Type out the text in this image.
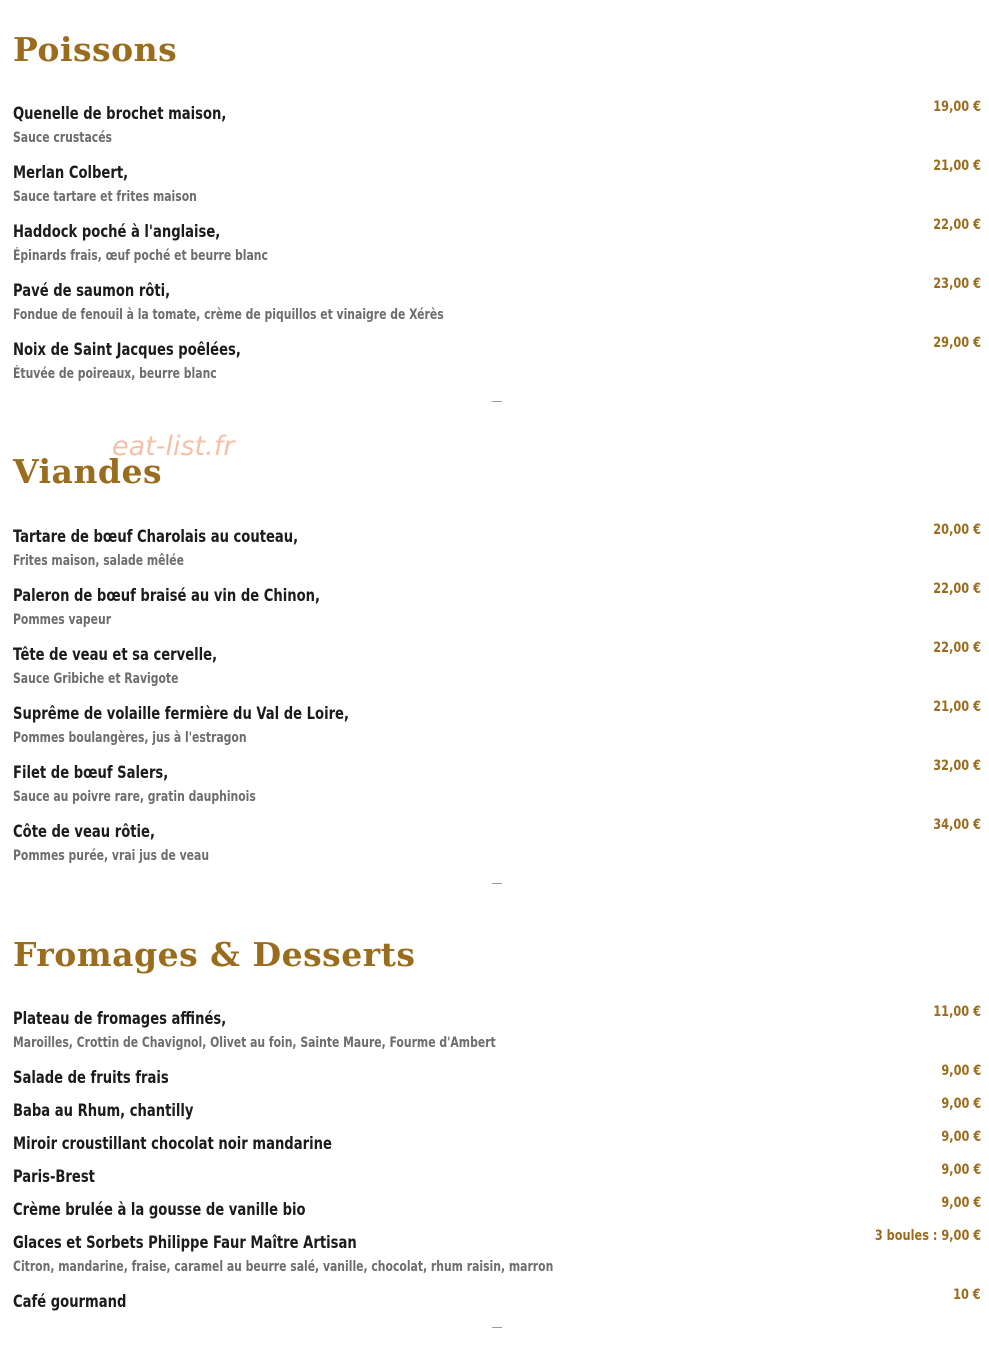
Poissons
Quenelle de brochet maison,
Sauce crustacés
19,00 €
Merlan Colbert,
Sauce tartare et frites maison
21,00 €
Haddock poché à l'anglaise,
Épinards frais, œuf poché et beurre blanc
22,00 €
Pavé de saumon rôti,
Fondue de fenouil à la tomate, crème de piquillos et vinaigre de Xérès
23,00 €
Noix de Saint Jacques poêlées,
Étuvée de poireaux, beurre blanc
29,00 €
eat-list.fr
Viandes
Tartare de bœuf Charolais au couteau,
Frites maison, salade mêlée
20,00 €
Paleron de bœuf braisé au vin de Chinon,
Pommes vapeur
22,00 €
Tête de veau et sa cervelle,
Sauce Gribiche et Ravigote
22,00 €
Suprême de volaille fermière du Val de Loire,
Pommes boulangères, jus à l'estragon
21,00 €
Filet de bœuf Salers,
Sauce au poivre rare, gratin dauphinois
32,00 €
Côte de veau rôtie,
Pommes purée, vrai jus de veau
34,00 €
Fromages & Desserts
Plateau de fromages affinés,
Maroilles, Crottin de Chavignol, Olivet au foin, Sainte Maure, Fourme d'Ambert
11,00 €
Salade de fruits frais	9,00 €
Baba au Rhum, chantilly	9,00 €
Miroir croustillant chocolat noir mandarine	9,00 €
Paris-Brest	9,00 €
Crème brulée à la gousse de vanille bio	9,00 €
Glaces et Sorbets Philippe Faur Maître Artisan
Citron, mandarine, fraise, caramel au beurre salé, vanille, chocolat, rhum raisin, marron
3 boules : 9,00 €
Café gourmand	10 €
